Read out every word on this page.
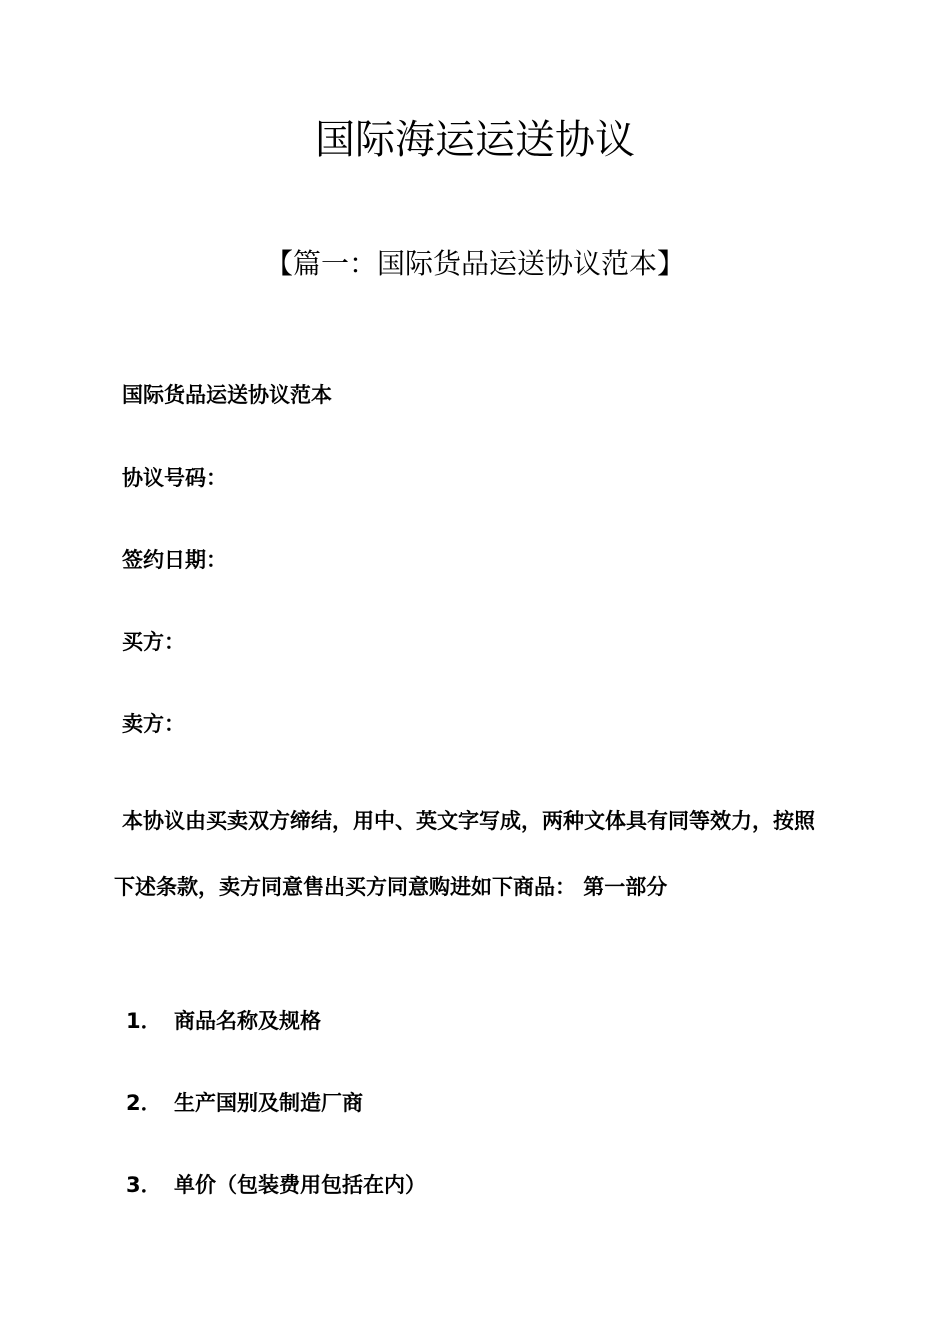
国际海运运送协议
【篇一：国际货品运送协议范本】

国际货品运送协议范本

协议号码：

签约日期：

买方：

卖方：

本协议由买卖双方缔结，用中、英文字写成，两种文体具有同等效力，按照下述条款，卖方同意售出买方同意购进如下商品： 第一部分

1． 商品名称及规格

2． 生产国别及制造厂商

3． 单价（包装费用包括在内）
